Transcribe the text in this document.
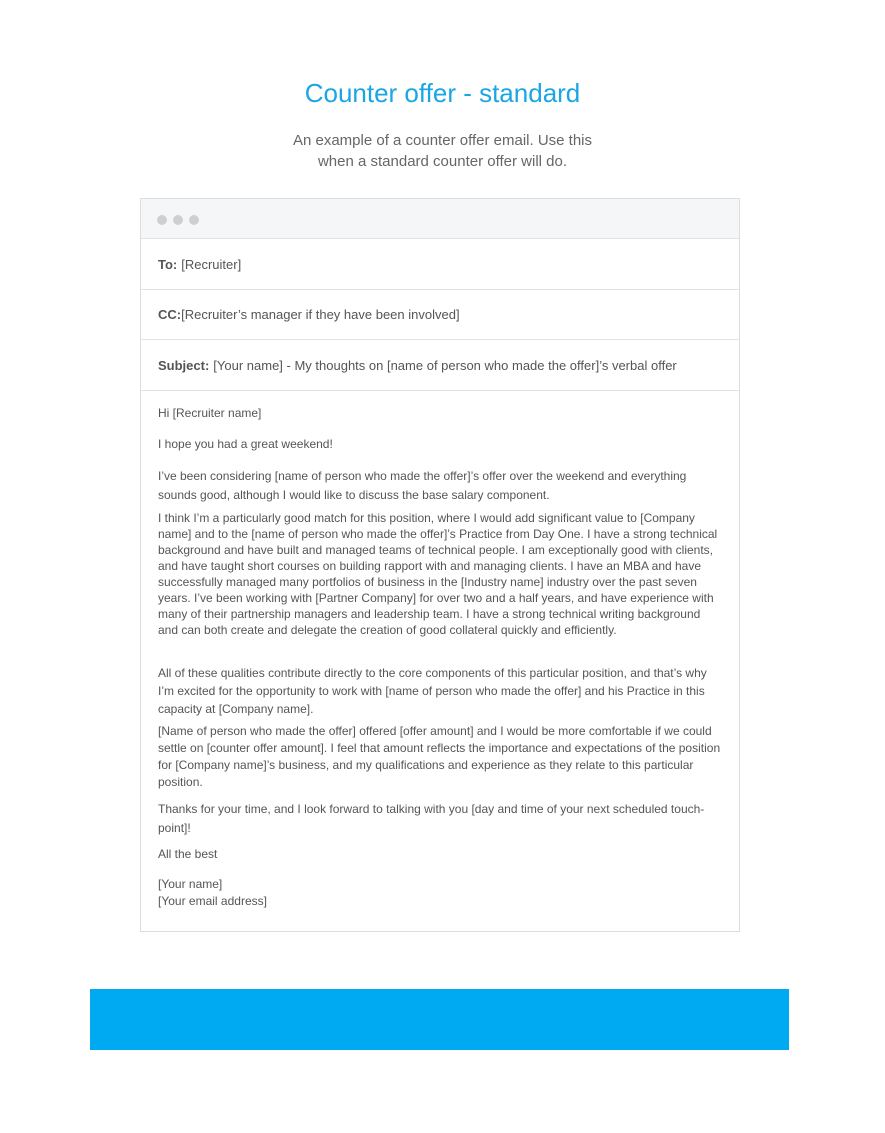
Counter offer - standard
An example of a counter offer email. Use this
when a standard counter offer will do.
To: [Recruiter]
CC: [Recruiter’s manager if they have been involved]
Subject: [Your name] - My thoughts on [name of person who made the offer]’s verbal offer

Hi [Recruiter name]

I hope you had a great weekend!

I’ve been considering [name of person who made the offer]’s offer over the weekend and everything sounds good, although I would like to discuss the base salary component.

I think I’m a particularly good match for this position, where I would add significant value to [Company name] and to the [name of person who made the offer]’s Practice from Day One. I have a strong technical background and have built and managed teams of technical people. I am exceptionally good with clients, and have taught short courses on building rapport with and managing clients. I have an MBA and have successfully managed many portfolios of business in the [Industry name] industry over the past seven years. I’ve been working with [Partner Company] for over two and a half years, and have experience with many of their partnership managers and leadership team. I have a strong technical writing background and can both create and delegate the creation of good collateral quickly and efficiently.

All of these qualities contribute directly to the core components of this particular position, and that’s why I’m excited for the opportunity to work with [name of person who made the offer] and his Practice in this capacity at [Company name].

[Name of person who made the offer] offered [offer amount] and I would be more comfortable if we could settle on [counter offer amount]. I feel that amount reflects the importance and expectations of the position for [Company name]’s business, and my qualifications and experience as they relate to this particular position.

Thanks for your time, and I look forward to talking with you [day and time of your next scheduled touch-point]!

All the best

[Your name]
[Your email address]
